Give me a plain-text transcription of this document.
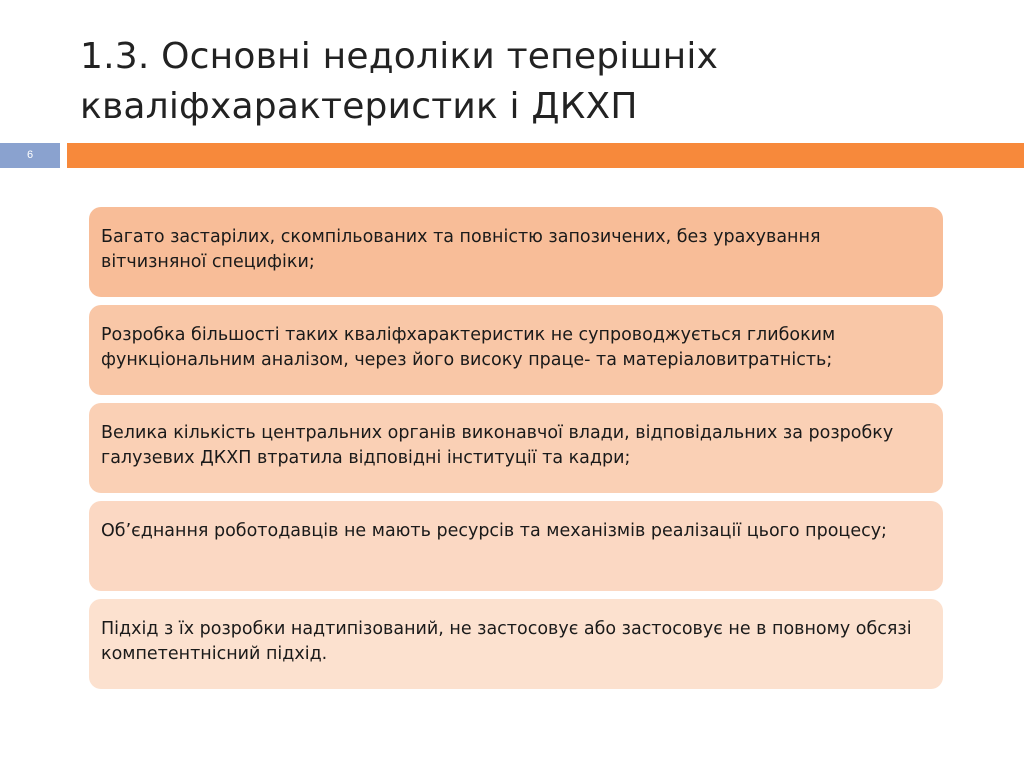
1.3. Основні недоліки теперішніх
кваліфхарактеристик і ДКХП
6
Багато застарілих, скомпільованих та повністю запозичених, без урахування вітчизняної специфіки;
Розробка більшості таких кваліфхарактеристик не супроводжується глибоким функціональним аналізом, через його високу праце- та матеріаловитратність;
Велика кількість центральних органів виконавчої влади, відповідальних за розробку галузевих ДКХП втратила відповідні інституції та кадри;
Об’єднання роботодавців не мають ресурсів та механізмів реалізації цього процесу;
Підхід з їх розробки надтипізований, не застосовує або застосовує не в повному обсязі компетентнісний підхід.
